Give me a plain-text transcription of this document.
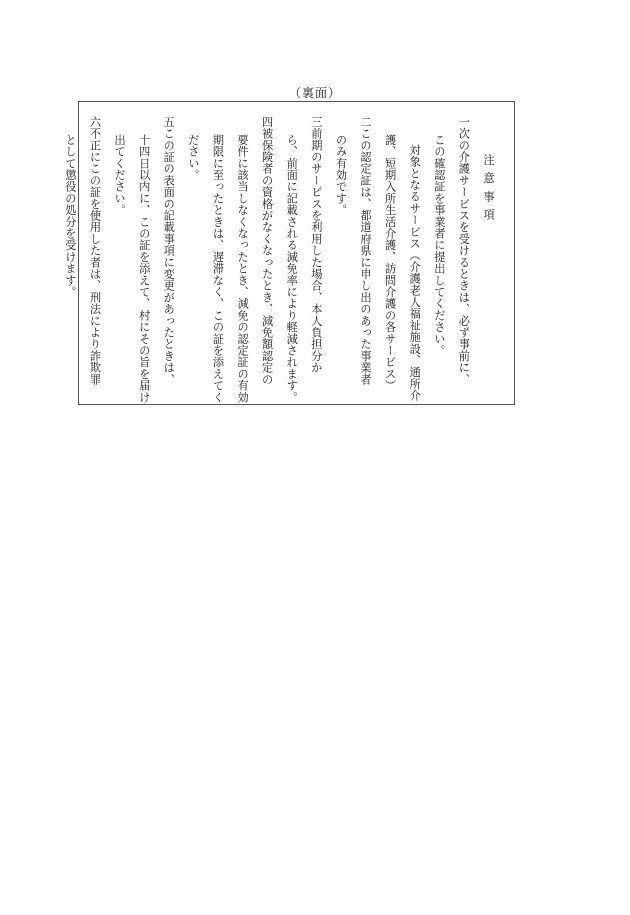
（裏面）
注意事項
一次の介護サービスを受けるときは、必ず事前に、
この確認証を事業者に提出してください。
対象となるサービス（介護老人福祉施設、通所介
護、短期入所生活介護、訪問介護の各サービス）
二この認定証は、都道府県に申し出のあった事業者
のみ有効です。
三前期のサービスを利用した場合、本人負担分か
ら、前面に記載される減免率により軽減されます。
四被保険者の資格がなくなったとき、減免額認定の
要件に該当しなくなったとき、減免の認定証の有効
期限に至ったときは、遅滞なく、この証を添えてく
ださい。
五この証の表面の記載事項に変更があったときは、
十四日以内に、この証を添えて、村にその旨を届け
出てください。
六不正にこの証を使用した者は、刑法により詐欺罪
として懲役の処分を受けます。
